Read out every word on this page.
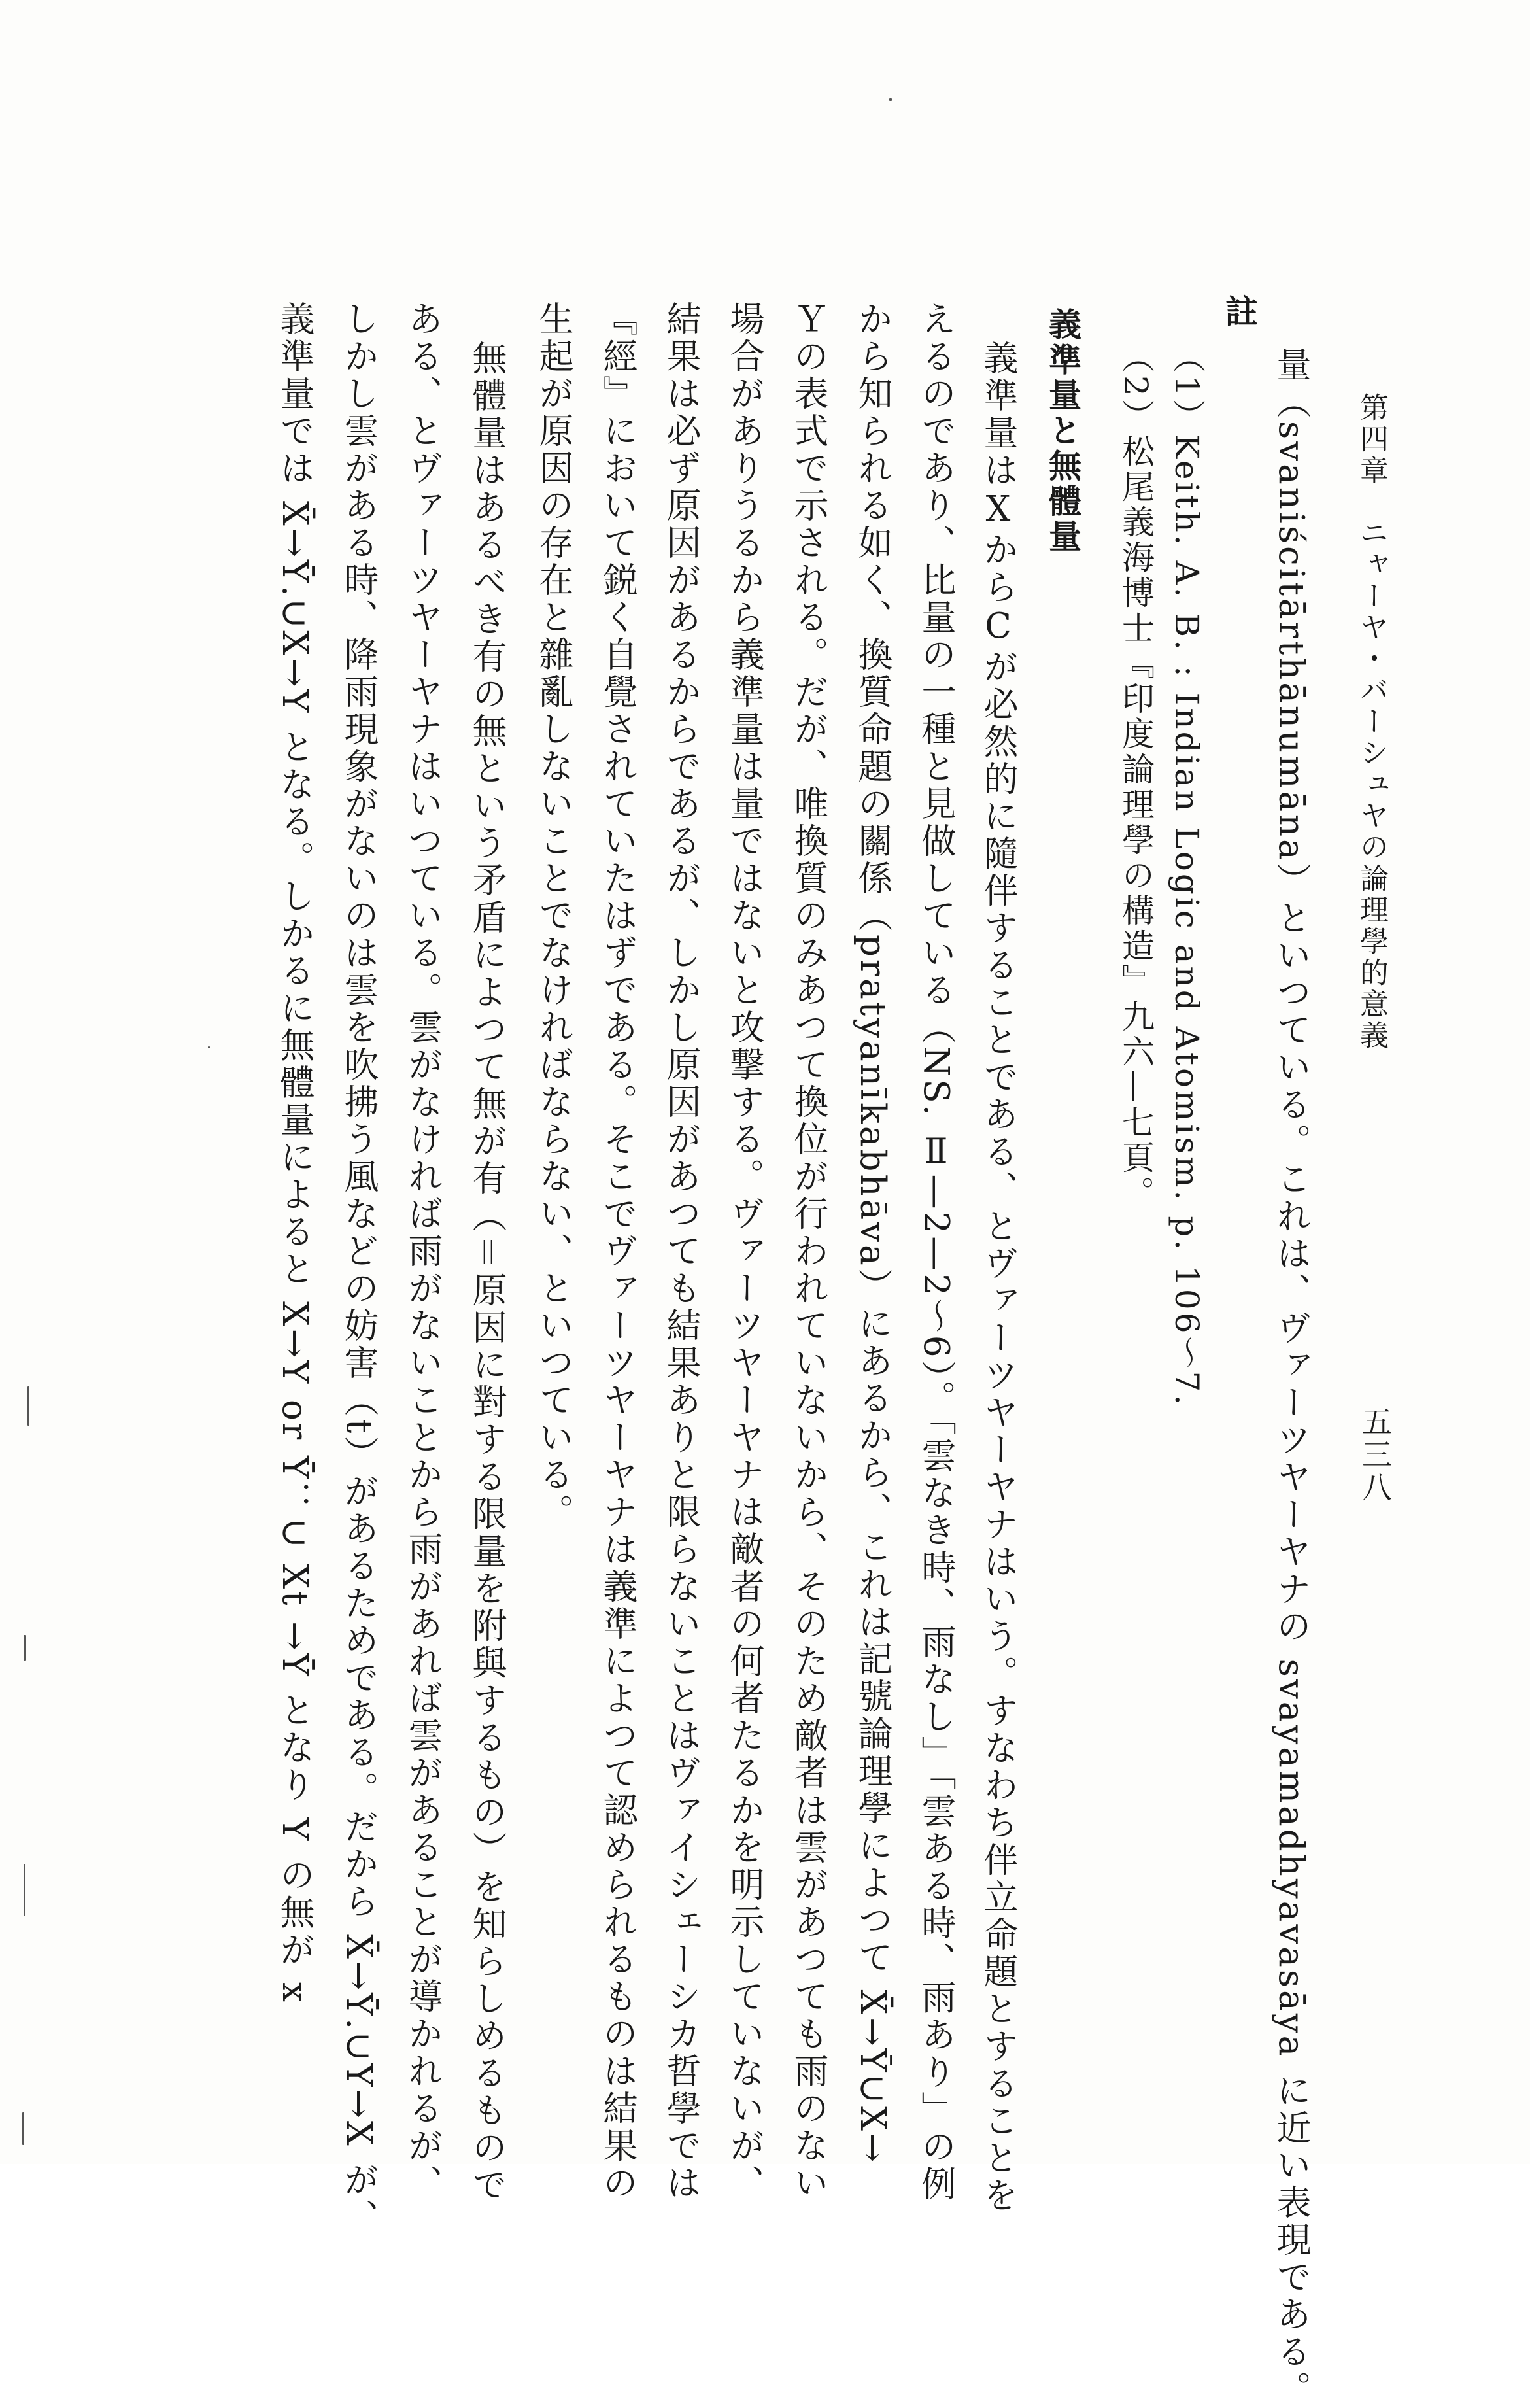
五三八
第四章　ニャーヤ・バーシュヤの論理學的意義
量（svaniścitārthānumāna）といつている。これは、ヴァーツヤーヤナの svayamadhyavasāya に近い表現である。
註
（1）Keith. A. B. : Indian Logic and Atomism. p. 106〜7.
（2）松尾義海博士『印度論理學の構造』九六—七頁。
義準量と無體量
義準量はⅩからⅭが必然的に隨伴することである、とヴァーツヤーヤナはいう。すなわち伴立命題とすることを
えるのであり、比量の一種と見做している（NS. Ⅱ—2—2〜6）。「雲なき時、雨なし」「雲ある時、雨あり」の例
から知られる如く、換質命題の關係（pratyanīkabhāva）にあるから、これは記號論理學によつて X̄→Ȳ∪X→
Ｙの表式で示される。だが、唯換質のみあつて換位が行われていないから、そのため敵者は雲があつても雨のない
場合がありうるから義準量は量ではないと攻撃する。ヴァーツヤーヤナは敵者の何者たるかを明示していないが、
結果は必ず原因があるからであるが、しかし原因があつても結果ありと限らないことはヴァイシェーシカ哲學では
『經』において鋭く自覺されていたはずである。そこでヴァーツヤーヤナは義準によつて認められるものは結果の
生起が原因の存在と雜亂しないことでなければならない、といつている。
無體量はあるべき有の無という矛盾によつて無が有（＝原因に對する限量を附與するもの）を知らしめるもので
ある、とヴァーツヤーヤナはいつている。雲がなければ雨がないことから雨があれば雲があることが導かれるが、
しかし雲がある時、降雨現象がないのは雲を吹拂う風などの妨害（t）があるためである。だから X̄→Ȳ.∪Y→X が、
義準量では X̄→Ȳ.∪X→Y となる。しかるに無體量によると X→Y or Ȳ：∪ Xt →Ȳ となり Y の無が x
